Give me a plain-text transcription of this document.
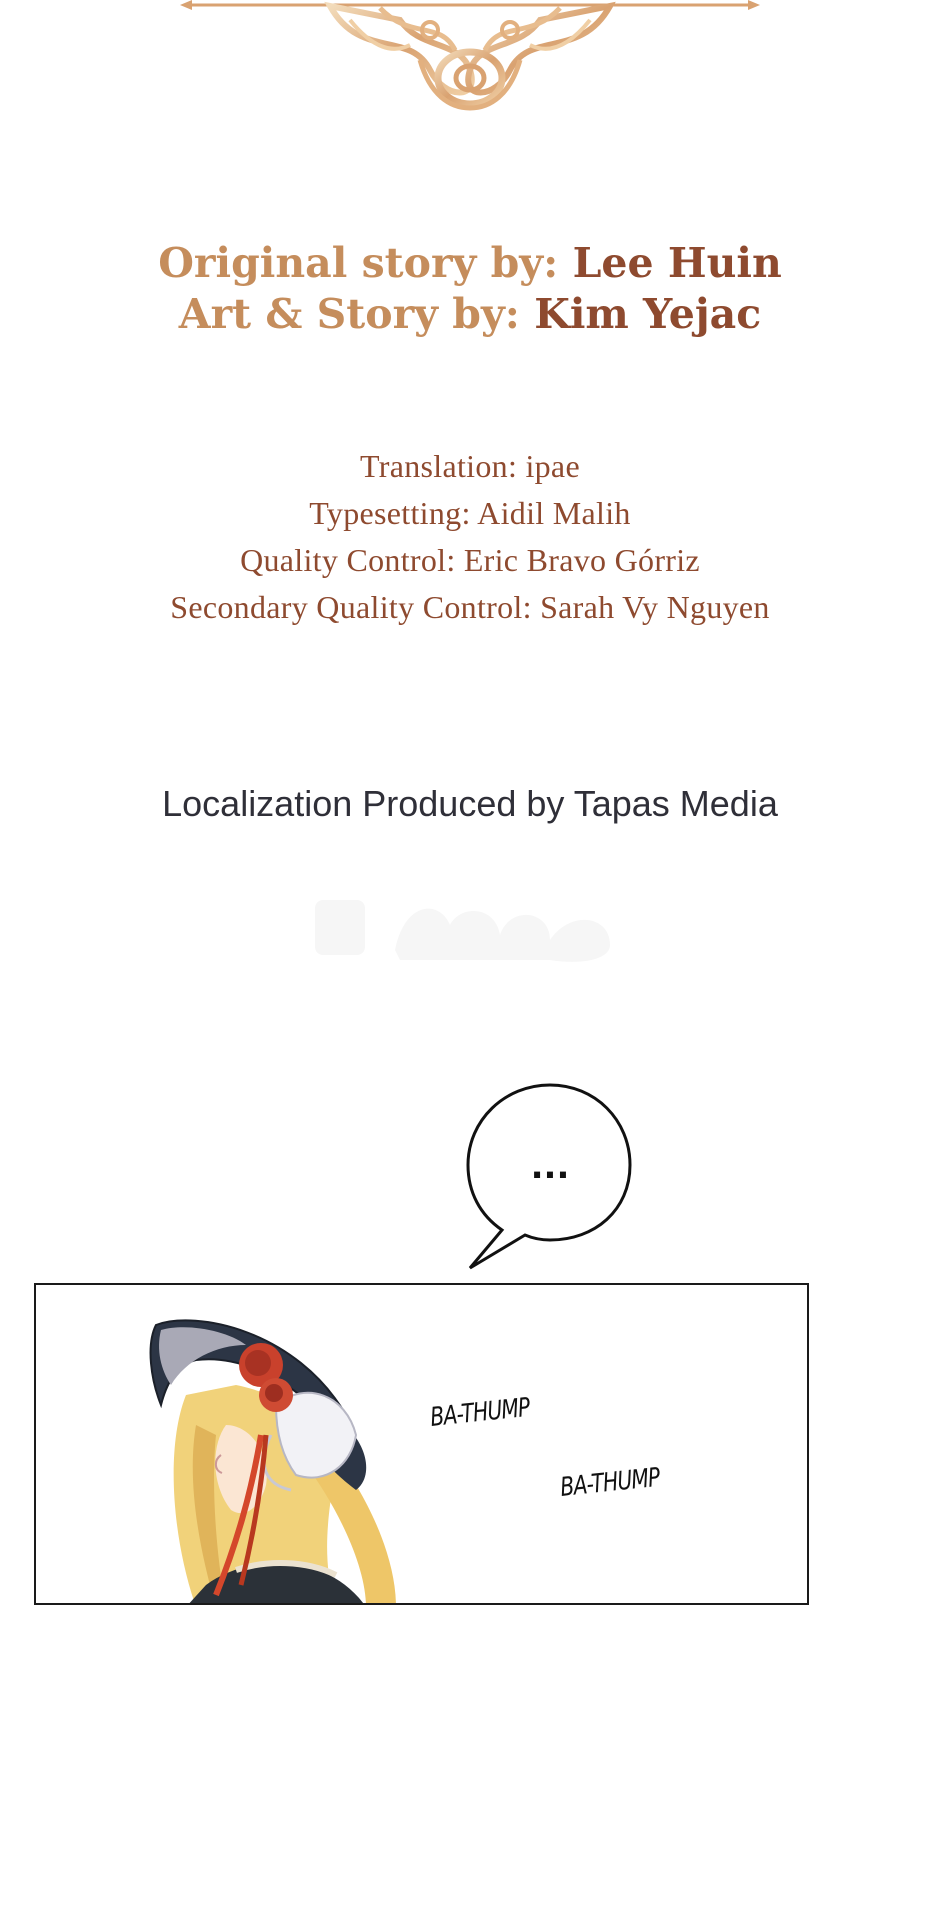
Original story by: Lee Huin
Art & Story by: Kim Yejac
Translation: ipae
Typesetting: Aidil Malih
Quality Control: Eric Bravo Górriz
Secondary Quality Control: Sarah Vy Nguyen
Localization Produced by Tapas Media
...
BA-THUMP
BA-THUMP
